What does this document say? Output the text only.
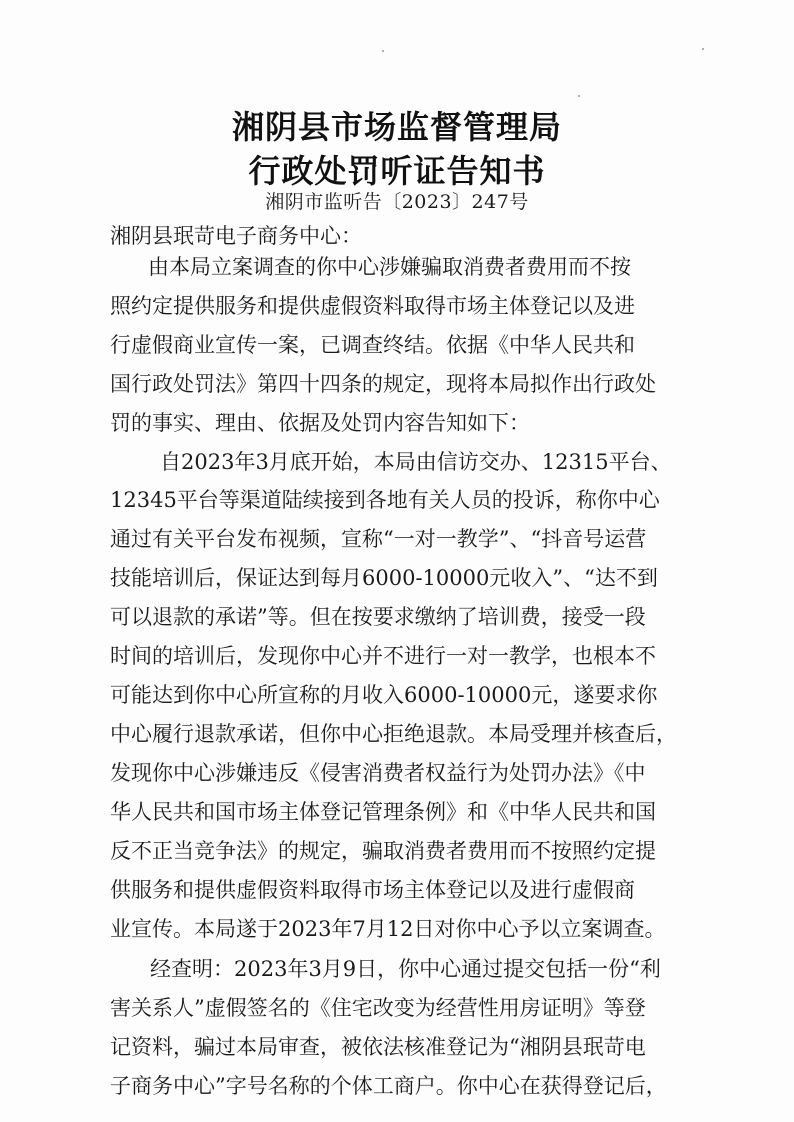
湘阴县市场监督管理局
行政处罚听证告知书
湘阴市监听告〔2023〕247号
湘阴县珉苛电子商务中心：
由本局立案调查的你中心涉嫌骗取消费者费用而不按
照约定提供服务和提供虚假资料取得市场主体登记以及进
行虚假商业宣传一案，已调查终结。依据《中华人民共和
国行政处罚法》第四十四条的规定，现将本局拟作出行政处
罚的事实、理由、依据及处罚内容告知如下：
自2023年3月底开始，本局由信访交办、12315平台、
12345平台等渠道陆续接到各地有关人员的投诉，称你中心
通过有关平台发布视频，宣称“一对一教学”、“抖音号运营
技能培训后，保证达到每月6000-10000元收入”、“达不到
可以退款的承诺”等。但在按要求缴纳了培训费，接受一段
时间的培训后，发现你中心并不进行一对一教学，也根本不
可能达到你中心所宣称的月收入6000-10000元，遂要求你
中心履行退款承诺，但你中心拒绝退款。本局受理并核查后，
发现你中心涉嫌违反《侵害消费者权益行为处罚办法》《中
华人民共和国市场主体登记管理条例》和《中华人民共和国
反不正当竞争法》的规定，骗取消费者费用而不按照约定提
供服务和提供虚假资料取得市场主体登记以及进行虚假商
业宣传。本局遂于2023年7月12日对你中心予以立案调查。
经查明：2023年3月9日，你中心通过提交包括一份“利
害关系人”虚假签名的《住宅改变为经营性用房证明》等登
记资料，骗过本局审查，被依法核准登记为“湘阴县珉苛电
子商务中心”字号名称的个体工商户。你中心在获得登记后，
